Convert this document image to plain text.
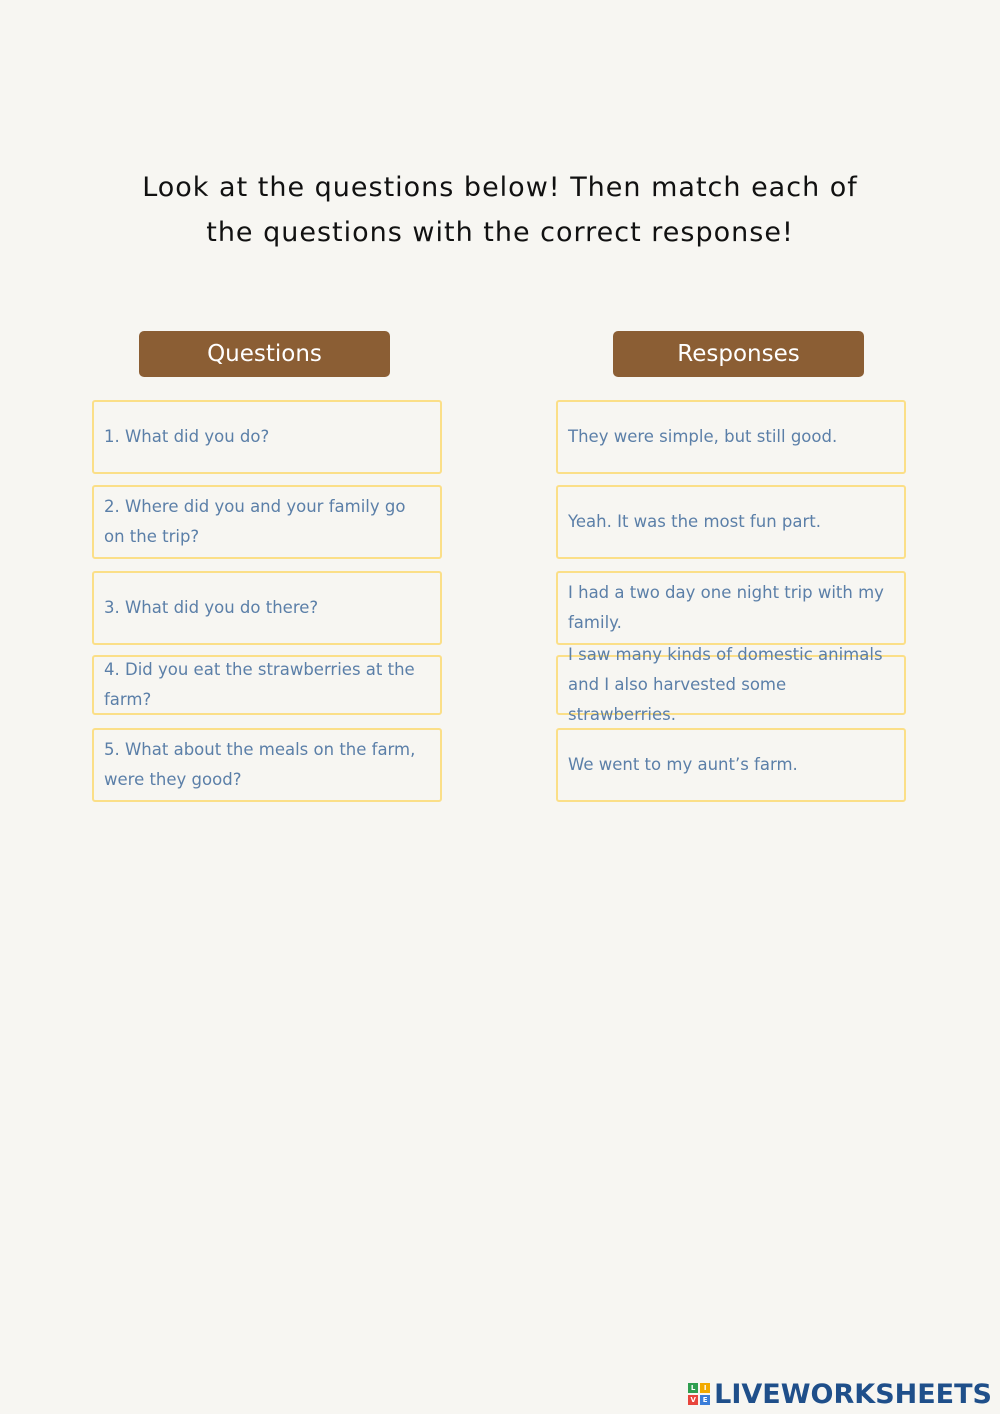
Look at the questions below! Then match each of
the questions with the correct response!
Questions	Responses
1. What did you do?
2. Where did you and your family go on the trip?
3. What did you do there?
4. Did you eat the strawberries at the farm?
5. What about the meals on the farm, were they good?
They were simple, but still good.
Yeah. It was the most fun part.
I had a two day one night trip with my family.
I saw many kinds of domestic animals and I also harvested some strawberries.
We went to my aunt’s farm.
L	I
V E LIVEWORKSHEETS
